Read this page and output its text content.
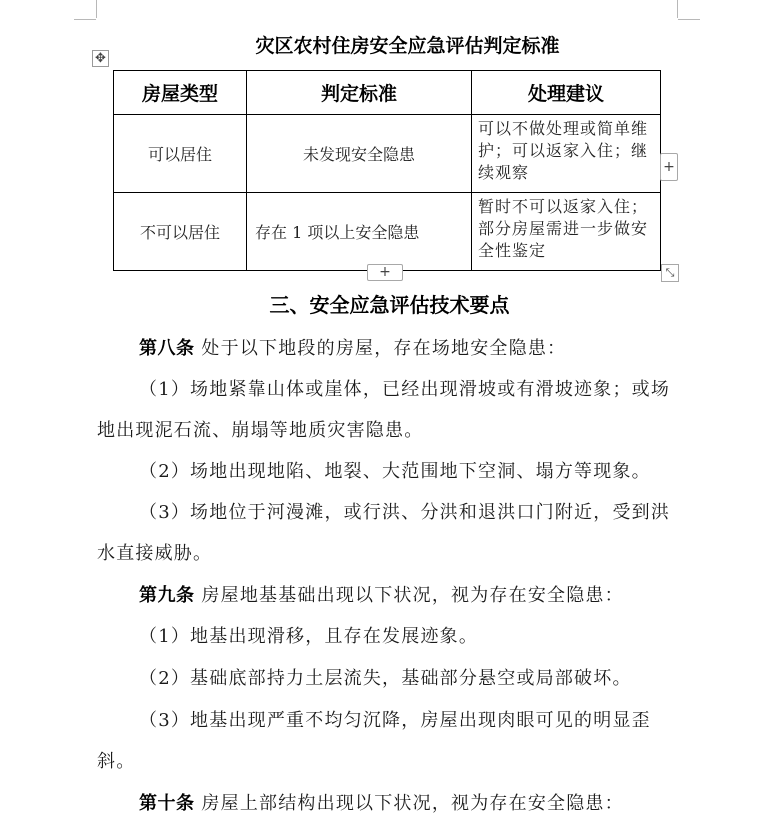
灾区农村住房安全应急评估判定标准
✥
房屋类型	判定标准	处理建议
可以居住	未发现安全隐患	可以不做处理或简单维护；可以返家入住；继续观察
不可以居住	存在 1 项以上安全隐患	暂时不可以返家入住；部分房屋需进一步做安全性鉴定
+
+	⤡
三、安全应急评估技术要点
第八条 处于以下地段的房屋，存在场地安全隐患：
（1）场地紧靠山体或崖体，已经出现滑坡或有滑坡迹象；或场地出现泥石流、崩塌等地质灾害隐患。
（2）场地出现地陷、地裂、大范围地下空洞、塌方等现象。
（3）场地位于河漫滩，或行洪、分洪和退洪口门附近，受到洪水直接威胁。
第九条 房屋地基基础出现以下状况，视为存在安全隐患：
（1）地基出现滑移，且存在发展迹象。
（2）基础底部持力土层流失，基础部分悬空或局部破坏。
（3）地基出现严重不均匀沉降，房屋出现肉眼可见的明显歪斜。
第十条 房屋上部结构出现以下状况，视为存在安全隐患：
